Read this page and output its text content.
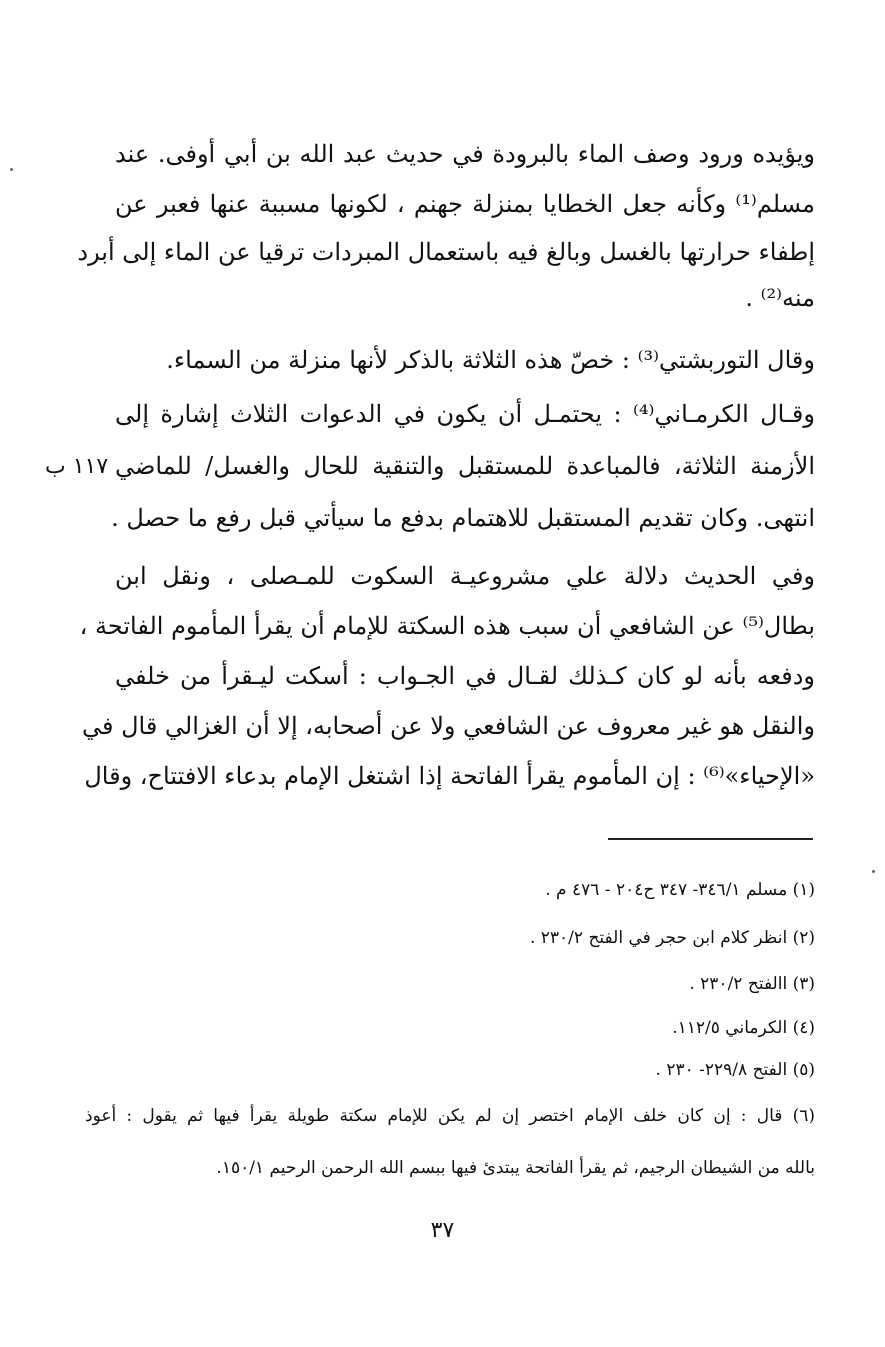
ويؤيده ورود وصف الماء بالبرودة في حديث عبد الله بن أبي أوفى. عند
مسلم⁽¹⁾ وكأنه جعل الخطايا بمنزلة جهنم ، لكونها مسببة عنها فعبر عن
إطفاء حرارتها بالغسل وبالغ فيه باستعمال المبردات ترقيا عن الماء إلى أبرد
منه⁽²⁾ .
وقال التوربشتي⁽³⁾ : خصّ هذه الثلاثة بالذكر لأنها منزلة من السماء.
وقـال الكرمـاني⁽⁴⁾ : يحتمـل أن يكون في الدعوات الثلاث إشارة إلى
الأزمنة الثلاثة، فالمباعدة للمستقبل والتنقية للحال والغسل/ للماضي
١١٧ ب
انتهى. وكان تقديم المستقبل للاهتمام بدفع ما سيأتي قبل رفع ما حصل .
وفي الحديث دلالة علي مشروعيـة السكوت للمـصلى ، ونقل ابن
بطال⁽⁵⁾ عن الشافعي أن سبب هذه السكتة للإمام أن يقرأ المأموم الفاتحة ،
ودفعه بأنه لو كان كـذلك لقـال في الجـواب : أسكت ليـقرأ من خلفي
والنقل هو غير معروف عن الشافعي ولا عن أصحابه، إلا أن الغزالي قال في
«الإحياء»⁽⁶⁾ : إن المأموم يقرأ الفاتحة إذا اشتغل الإمام بدعاء الافتتاح، وقال
(١) مسلم ٣٤٦/١- ٣٤٧ ح٢٠٤ - ٤٧٦ م .
(٢) انظر كلام ابن حجر في الفتح ٢٣٠/٢ .
(٣) االفتح ٢٣٠/٢ .
(٤) الكرماني ١١٢/٥.
(٥) الفتح ٢٢٩/٨- ٢٣٠ .
(٦) قال : إن كان خلف الإمام اختصر إن لم يكن للإمام سكتة طويلة يقرأ فيها ثم يقول : أعوذ
بالله من الشيطان الرجيم، ثم يقرأ الفاتحة يبتدئ فيها ببسم الله الرحمن الرحيم ١٥٠/١.
٣٧
